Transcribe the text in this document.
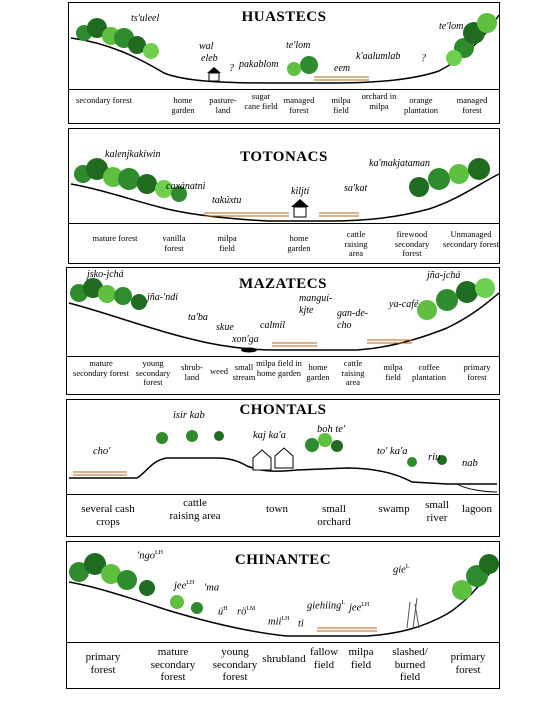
HUASTECS
ts'uleel
wal
eleb
? pakablom
te'lom
eem
k'aalumlab ?
te'lom
secondary forest	home garden
pasture-land
sugar cane field
managed forest
milpa field
orchard in milpa
orange plantation
managed forest
TOTONACS
kalenjkakiwin
caxánatni
takúxtu
kiljtí	sa'kat
ka'makjataman
mature forest	vanilla forest
milpa field
home garden
cattle raising area
firewood secondary forest
Unmanaged secondary forest
MAZATECS
jsko-jchá
jña-'ndi
ta'ba
skue
xon'ga
calmil
mangui-kjte	gan-de-cho
ya-café
jña-jchá
mature secondary forest
young secondary forest
shrub-land
weed small stream
milpa field in home garden
home garden
cattle raising area
milpa field
coffee plantation
primary forest
CHONTALS
cho'
isir kab
kaj ka'a
boh te'
to' ka'a
riu
nab
several cash crops
cattle raising area
town	small orchard
swamp	small river
lagoon
CHINANTEC
'ngo$^{LH}$
jee$^{LH}$ 'ma
$ú^H$ $rö^{LM}$
mii$^{LH}$ ti
giehiing$^L$ jee$^{LH}$
gie$^L$
primary forest
mature secondary forest
young secondary forest
shrubland
fallow field
milpa field
slashed/ burned field
primary forest
